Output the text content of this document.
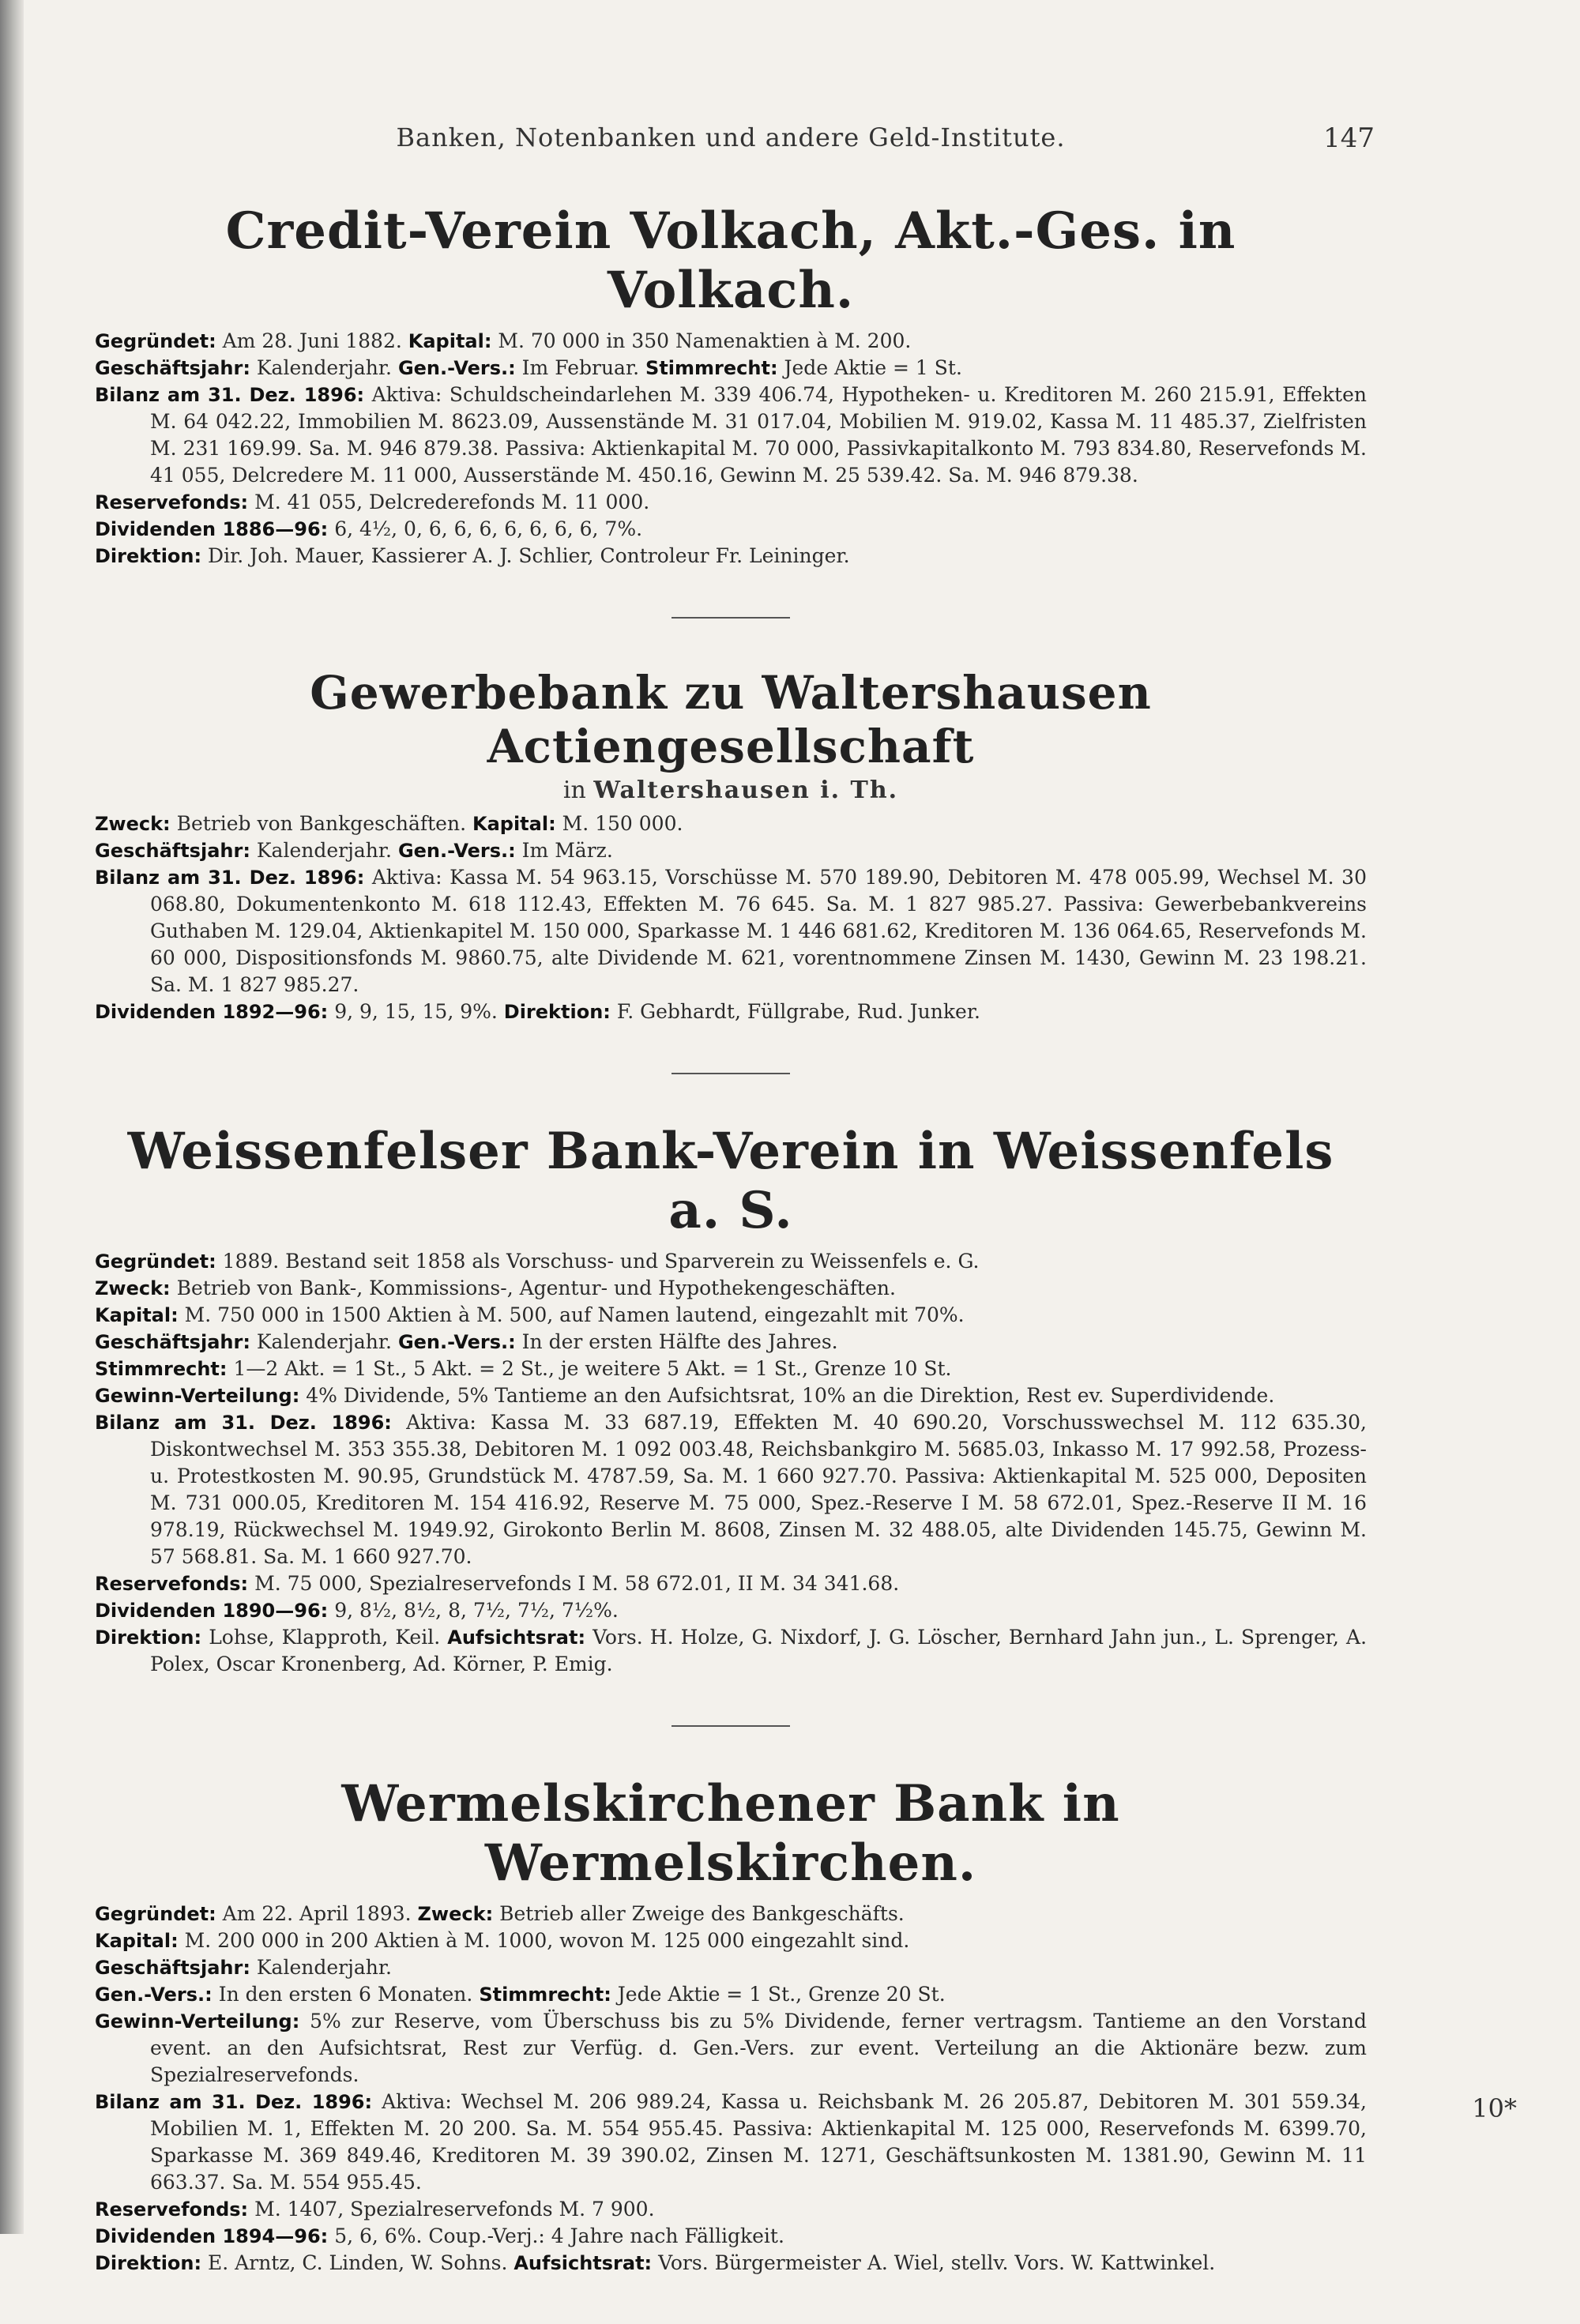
Banken, Notenbanken und andere Geld-Institute.	147
Credit-Verein Volkach, Akt.-Ges. in Volkach.

Gegründet: Am 28. Juni 1882. Kapital: M. 70 000 in 350 Namenaktien à M. 200.

Geschäftsjahr: Kalenderjahr. Gen.-Vers.: Im Februar. Stimmrecht: Jede Aktie = 1 St.

Bilanz am 31. Dez. 1896: Aktiva: Schuldscheindarlehen M. 339 406.74, Hypotheken- u. Kreditoren M. 260 215.91, Effekten M. 64 042.22, Immobilien M. 8623.09, Aussenstände M. 31 017.04, Mobilien M. 919.02, Kassa M. 11 485.37, Zielfristen M. 231 169.99. Sa. M. 946 879.38. Passiva: Aktienkapital M. 70 000, Passivkapitalkonto M. 793 834.80, Reservefonds M. 41 055, Delcredere M. 11 000, Ausserstände M. 450.16, Gewinn M. 25 539.42. Sa. M. 946 879.38.

Reservefonds: M. 41 055, Delcrederefonds M. 11 000.

Dividenden 1886—96: 6, 4½, 0, 6, 6, 6, 6, 6, 6, 6, 7%.

Direktion: Dir. Joh. Mauer, Kassierer A. J. Schlier, Controleur Fr. Leininger.

Gewerbebank zu Waltershausen Actiengesellschaft
in Waltershausen i. Th.

Zweck: Betrieb von Bankgeschäften. Kapital: M. 150 000.

Geschäftsjahr: Kalenderjahr. Gen.-Vers.: Im März.

Bilanz am 31. Dez. 1896: Aktiva: Kassa M. 54 963.15, Vorschüsse M. 570 189.90, Debitoren M. 478 005.99, Wechsel M. 30 068.80, Dokumentenkonto M. 618 112.43, Effekten M. 76 645. Sa. M. 1 827 985.27. Passiva: Gewerbebankvereins Guthaben M. 129.04, Aktienkapitel M. 150 000, Sparkasse M. 1 446 681.62, Kreditoren M. 136 064.65, Reservefonds M. 60 000, Dispositionsfonds M. 9860.75, alte Dividende M. 621, vorentnommene Zinsen M. 1430, Gewinn M. 23 198.21. Sa. M. 1 827 985.27.

Dividenden 1892—96: 9, 9, 15, 15, 9%. Direktion: F. Gebhardt, Füllgrabe, Rud. Junker.

Weissenfelser Bank-Verein in Weissenfels a. S.

Gegründet: 1889. Bestand seit 1858 als Vorschuss- und Sparverein zu Weissenfels e. G.

Zweck: Betrieb von Bank-, Kommissions-, Agentur- und Hypothekengeschäften.

Kapital: M. 750 000 in 1500 Aktien à M. 500, auf Namen lautend, eingezahlt mit 70%.

Geschäftsjahr: Kalenderjahr. Gen.-Vers.: In der ersten Hälfte des Jahres.

Stimmrecht: 1—2 Akt. = 1 St., 5 Akt. = 2 St., je weitere 5 Akt. = 1 St., Grenze 10 St.

Gewinn-Verteilung: 4% Dividende, 5% Tantieme an den Aufsichtsrat, 10% an die Direktion, Rest ev. Superdividende.

Bilanz am 31. Dez. 1896: Aktiva: Kassa M. 33 687.19, Effekten M. 40 690.20, Vorschusswechsel M. 112 635.30, Diskontwechsel M. 353 355.38, Debitoren M. 1 092 003.48, Reichsbankgiro M. 5685.03, Inkasso M. 17 992.58, Prozess- u. Protestkosten M. 90.95, Grundstück M. 4787.59, Sa. M. 1 660 927.70. Passiva: Aktienkapital M. 525 000, Depositen M. 731 000.05, Kreditoren M. 154 416.92, Reserve M. 75 000, Spez.-Reserve I M. 58 672.01, Spez.-Reserve II M. 16 978.19, Rückwechsel M. 1949.92, Girokonto Berlin M. 8608, Zinsen M. 32 488.05, alte Dividenden 145.75, Gewinn M. 57 568.81. Sa. M. 1 660 927.70.

Reservefonds: M. 75 000, Spezialreservefonds I M. 58 672.01, II M. 34 341.68.

Dividenden 1890—96: 9, 8½, 8½, 8, 7½, 7½, 7½%.

Direktion: Lohse, Klapproth, Keil. Aufsichtsrat: Vors. H. Holze, G. Nixdorf, J. G. Löscher, Bernhard Jahn jun., L. Sprenger, A. Polex, Oscar Kronenberg, Ad. Körner, P. Emig.

Wermelskirchener Bank in Wermelskirchen.

Gegründet: Am 22. April 1893. Zweck: Betrieb aller Zweige des Bankgeschäfts.

Kapital: M. 200 000 in 200 Aktien à M. 1000, wovon M. 125 000 eingezahlt sind.

Geschäftsjahr: Kalenderjahr.

Gen.-Vers.: In den ersten 6 Monaten. Stimmrecht: Jede Aktie = 1 St., Grenze 20 St.

Gewinn-Verteilung: 5% zur Reserve, vom Überschuss bis zu 5% Dividende, ferner vertragsm. Tantieme an den Vorstand event. an den Aufsichtsrat, Rest zur Verfüg. d. Gen.-Vers. zur event. Verteilung an die Aktionäre bezw. zum Spezialreservefonds.

Bilanz am 31. Dez. 1896: Aktiva: Wechsel M. 206 989.24, Kassa u. Reichsbank M. 26 205.87, Debitoren M. 301 559.34, Mobilien M. 1, Effekten M. 20 200. Sa. M. 554 955.45. Passiva: Aktienkapital M. 125 000, Reservefonds M. 6399.70, Sparkasse M. 369 849.46, Kreditoren M. 39 390.02, Zinsen M. 1271, Geschäftsunkosten M. 1381.90, Gewinn M. 11 663.37. Sa. M. 554 955.45.

Reservefonds: M. 1407, Spezialreservefonds M. 7 900.

Dividenden 1894—96: 5, 6, 6%. Coup.-Verj.: 4 Jahre nach Fälligkeit.

Direktion: E. Arntz, C. Linden, W. Sohns. Aufsichtsrat: Vors. Bürgermeister A. Wiel, stellv. Vors. W. Kattwinkel.

10*
